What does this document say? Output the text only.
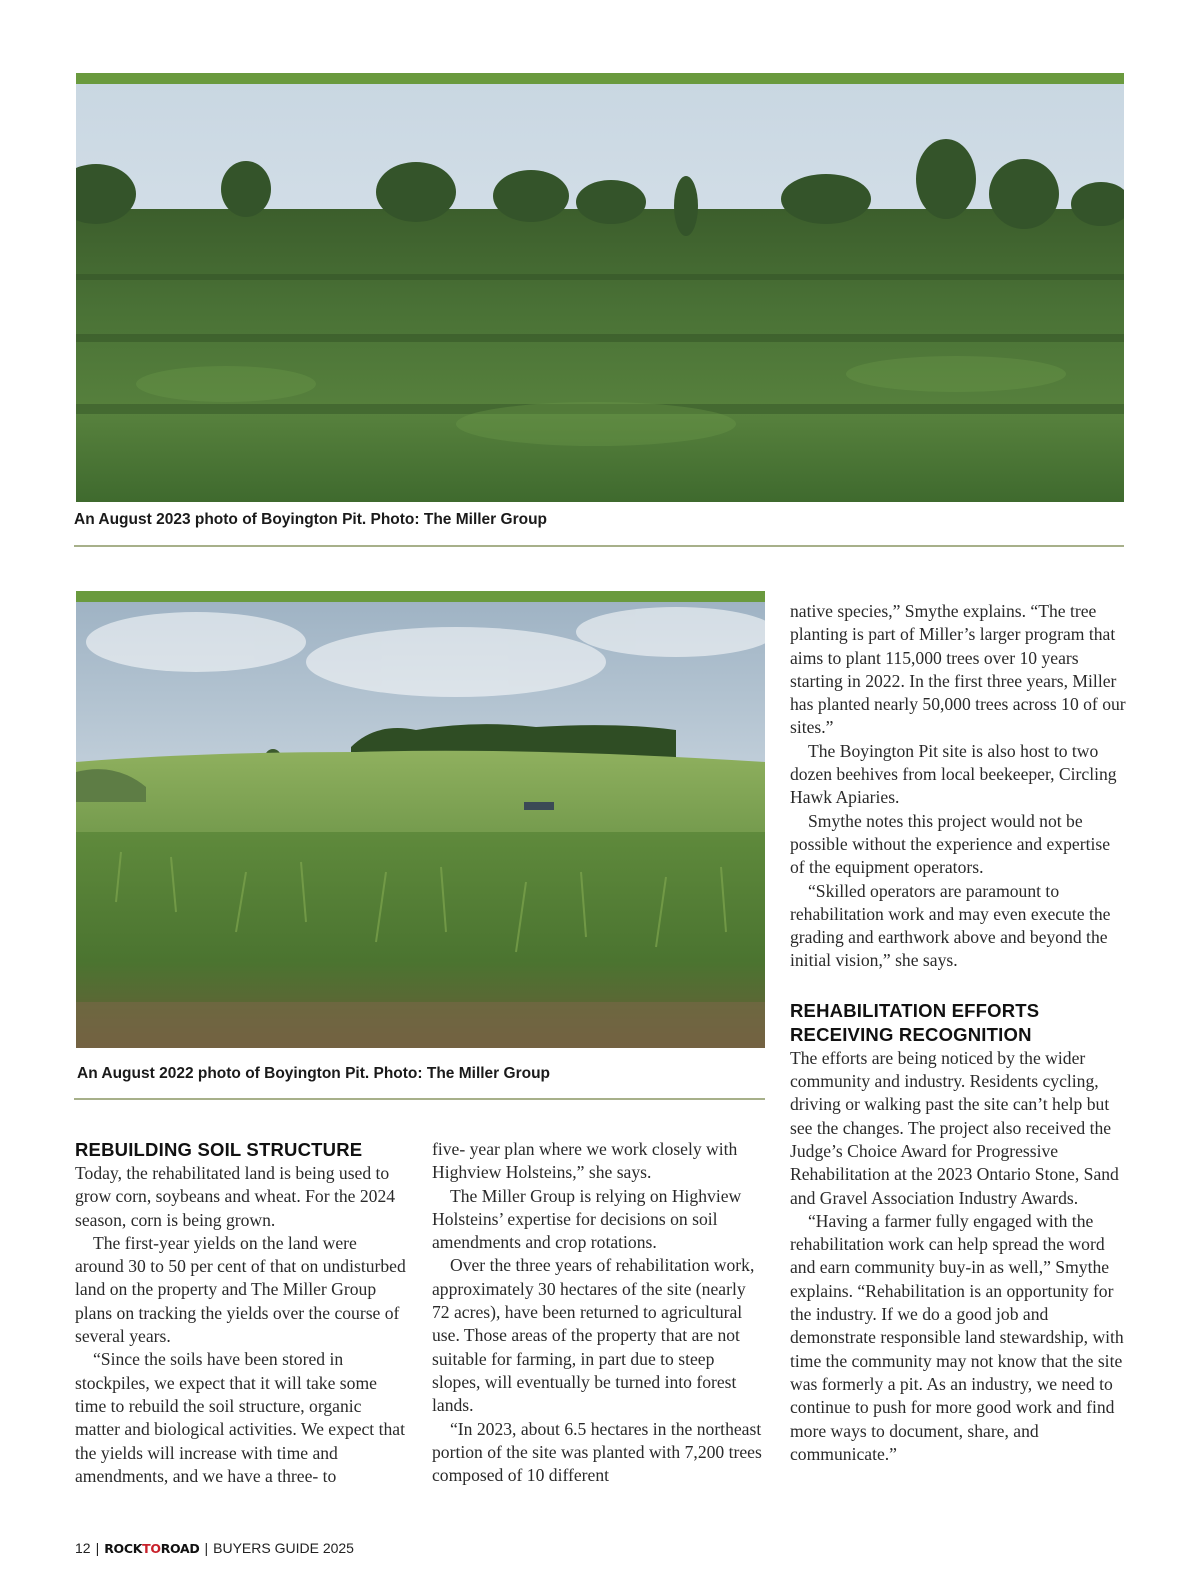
An August 2023 photo of Boyington Pit. Photo: The Miller Group
An August 2022 photo of Boyington Pit. Photo: The Miller Group
REBUILDING SOIL STRUCTURE

Today, the rehabilitated land is being used to grow corn, soybeans and wheat. For the 2024 season, corn is being grown.

The first-year yields on the land were around 30 to 50 per cent of that on undisturbed land on the property and The Miller Group plans on tracking the yields over the course of several years.

“Since the soils have been stored in stockpiles, we expect that it will take some time to rebuild the soil structure, organic matter and biological activities. We expect that the yields will increase with time and amendments, and we have a three- to

five- year plan where we work closely with Highview Holsteins,” she says.

The Miller Group is relying on Highview Holsteins’ expertise for decisions on soil amendments and crop rotations.

Over the three years of rehabilitation work, approximately 30 hectares of the site (nearly 72 acres), have been returned to agricultural use. Those areas of the property that are not suitable for farming, in part due to steep slopes, will eventually be turned into forest lands.

“In 2023, about 6.5 hectares in the northeast portion of the site was planted with 7,200 trees composed of 10 different

native species,” Smythe explains. “The tree planting is part of Miller’s larger program that aims to plant 115,000 trees over 10 years starting in 2022. In the first three years, Miller has planted nearly 50,000 trees across 10 of our sites.”

The Boyington Pit site is also host to two dozen beehives from local beekeeper, Circling Hawk Apiaries.

Smythe notes this project would not be possible without the experience and expertise of the equipment operators.

“Skilled operators are paramount to rehabilitation work and may even execute the grading and earthwork above and beyond the initial vision,” she says.

REHABILITATION EFFORTS RECEIVING RECOGNITION

The efforts are being noticed by the wider community and industry. Residents cycling, driving or walking past the site can’t help but see the changes. The project also received the Judge’s Choice Award for Progressive Rehabilitation at the 2023 Ontario Stone, Sand and Gravel Association Industry Awards.

“Having a farmer fully engaged with the rehabilitation work can help spread the word and earn community buy-in as well,” Smythe explains. “Rehabilitation is an opportunity for the industry. If we do a good job and demonstrate responsible land stewardship, with time the community may not know that the site was formerly a pit. As an industry, we need to continue to push for more good work and find more ways to document, share, and communicate.”

12 | ROCKTOROAD | BUYERS GUIDE 2025
